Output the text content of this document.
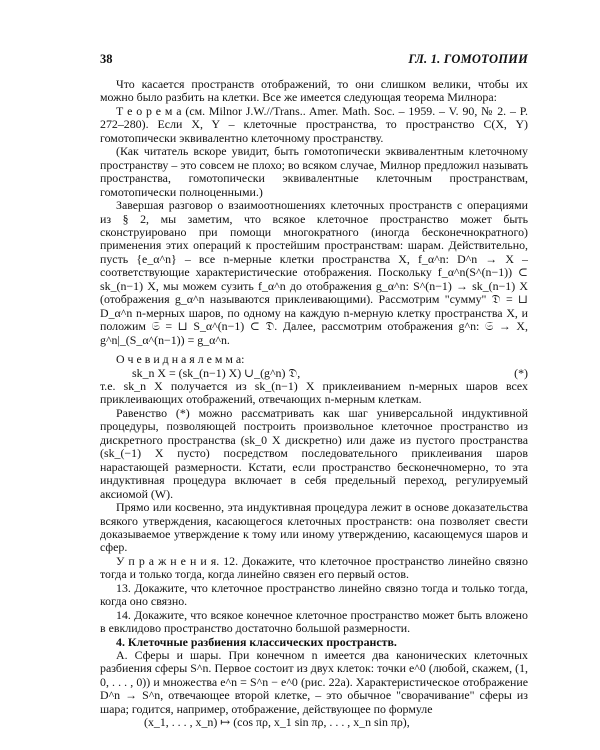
38	ГЛ. 1. ГОМОТОПИИ

Что касается пространств отображений, то они слишком велики, чтобы их можно было разбить на клетки. Все же имеется следующая теорема Милнора:

Т е о р е м а (см. Milnor J.W.//Trans.. Amer. Math. Soc. – 1959. – V. 90, № 2. – P. 272–280). Если X, Y – клеточные пространства, то пространство C(X, Y) гомотопически эквивалентно клеточному пространству.

(Как читатель вскоре увидит, быть гомотопически эквивалентным клеточному пространству – это совсем не плохо; во всяком случае, Милнор предложил называть пространства, гомотопически эквивалентные клеточным пространствам, гомотопически полноценными.)

Завершая разговор о взаимоотношениях клеточных пространств с операциями из § 2, мы заметим, что всякое клеточное пространство может быть сконструировано при помощи многократного (иногда бесконечнократного) применения этих операций к простейшим пространствам: шарам. Действительно, пусть {e_α^n} – все n-мерные клетки пространства X, f_α^n: D^n → X – соответствующие характеристические отображения. Поскольку f_α^n(S^(n−1)) ⊂ sk_(n−1) X, мы можем сузить f_α^n до отображения g_α^n: S^(n−1) → sk_(n−1) X (отображения g_α^n называются приклеивающими). Рассмотрим "сумму" 𝔇 = ⊔ D_α^n n-мерных шаров, по одному на каждую n-мерную клетку пространства X, и положим 𝔖 = ⊔ S_α^(n−1) ⊂ 𝔇. Далее, рассмотрим отображения g^n: 𝔖 → X, g^n|_(S_α^(n−1)) = g_α^n.

О ч е в и д н а я л е м м а:

sk_n X = (sk_(n−1) X) ∪_(g^n) 𝔇,	(*)

т.е. sk_n X получается из sk_(n−1) X приклеиванием n-мерных шаров всех приклеивающих отображений, отвечающих n-мерным клеткам.

Равенство (*) можно рассматривать как шаг универсальной индуктивной процедуры, позволяющей построить произвольное клеточное пространство из дискретного пространства (sk_0 X дискретно) или даже из пустого пространства (sk_(−1) X пусто) посредством последовательного приклеивания шаров нарастающей размерности. Кстати, если пространство бесконечномерно, то эта индуктивная процедура включает в себя предельный переход, регулируемый аксиомой (W).

Прямо или косвенно, эта индуктивная процедура лежит в основе доказательства всякого утверждения, касающегося клеточных пространств: она позволяет свести доказываемое утверждение к тому или иному утверждению, касающемуся шаров и сфер.

У п р а ж н е н и я. 12. Докажите, что клеточное пространство линейно связно тогда и только тогда, когда линейно связен его первый остов.

13. Докажите, что клеточное пространство линейно связно тогда и только тогда, когда оно связно.

14. Докажите, что всякое конечное клеточное пространство может быть вложено в евклидово пространство достаточно большой размерности.

4. Клеточные разбиения классических пространств.

А. Сферы и шары. При конечном n имеется два канонических клеточных разбиения сферы S^n. Первое состоит из двух клеток: точки e^0 (любой, скажем, (1, 0, . . . , 0)) и множества e^n = S^n − e^0 (рис. 22а). Характеристическое отображение D^n → S^n, отвечающее второй клетке, – это обычное "сворачивание" сферы из шара; годится, например, отображение, действующее по формуле

(x_1, . . . , x_n) ↦ (cos πρ, x_1 sin πρ, . . . , x_n sin πρ),
